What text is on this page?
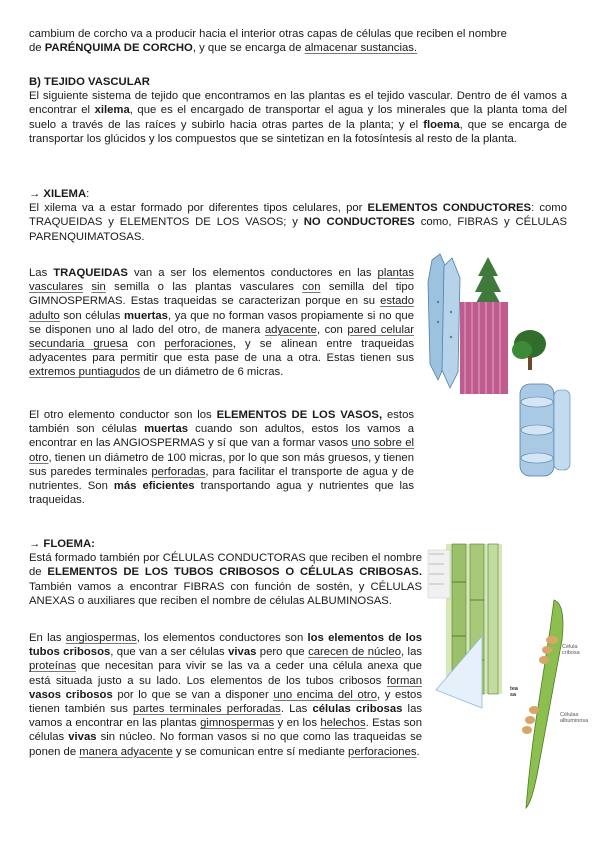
cambium de corcho va a producir hacia el interior otras capas de células que reciben el nombre

de PARÉNQUIMA DE CORCHO, y que se encarga de almacenar sustancias.

B) TEJIDO VASCULAR

El siguiente sistema de tejido que encontramos en las plantas es el tejido vascular. Dentro de él vamos a encontrar el xilema, que es el encargado de transportar el agua y los minerales que la planta toma del suelo a través de las raíces y subirlo hacia otras partes de la planta; y el floema, que se encarga de transportar los glúcidos y los compuestos que se sintetizan en la fotosíntesis al resto de la planta.

→ XILEMA:

El xilema va a estar formado por diferentes tipos celulares, por ELEMENTOS CONDUCTORES: como TRAQUEIDAS y ELEMENTOS DE LOS VASOS; y NO CONDUCTORES como, FIBRAS y CÉLULAS PARENQUIMATOSAS.

Las TRAQUEIDAS van a ser los elementos conductores en las plantas vasculares sin semilla o las plantas vasculares con semilla del tipo GIMNOSPERMAS. Estas traqueidas se caracterizan porque en su estado adulto son células muertas, ya que no forman vasos propiamente si no que se disponen uno al lado del otro, de manera adyacente, con pared celular secundaria gruesa con perforaciones, y se alinean entre traqueidas adyacentes para permitir que esta pase de una a otra. Estas tienen sus extremos puntiagudos de un diámetro de 6 micras.

El otro elemento conductor son los ELEMENTOS DE LOS VASOS, estos también son células muertas cuando son adultos, estos los vamos a encontrar en las ANGIOSPERMAS y sí que van a formar vasos uno sobre el otro, tienen un diámetro de 100 micras, por lo que son más gruesos, y tienen sus paredes terminales perforadas, para facilitar el transporte de agua y de nutrientes. Son más eficientes transportando agua y nutrientes que las traqueidas.

→ FLOEMA:

Está formado también por CÉLULAS CONDUCTORAS que reciben el nombre de ELEMENTOS DE LOS TUBOS CRIBOSOS O CÉLULAS CRIBOSAS. También vamos a encontrar FIBRAS con función de sostén, y CÉLULAS ANEXAS o auxiliares que reciben el nombre de células ALBUMINOSAS.

En las angiospermas, los elementos conductores son los elementos de los tubos cribosos, que van a ser células vivas pero que carecen de núcleo, las proteínas que necesitan para vivir se las va a ceder una célula anexa que está situada justo a su lado. Los elementos de los tubos cribosos forman vasos cribosos por lo que se van a disponer uno encima del otro, y estos tienen también sus partes terminales perforadas. Las células cribosas las vamos a encontrar en las plantas gimnospermas y en los helechos. Estas son células vivas sin núcleo. No forman vasos si no que como las traqueidas se ponen de manera adyacente y se comunican entre sí mediante perforaciones.

Célula
cribosa
Células
albuminosa
tea
sa
